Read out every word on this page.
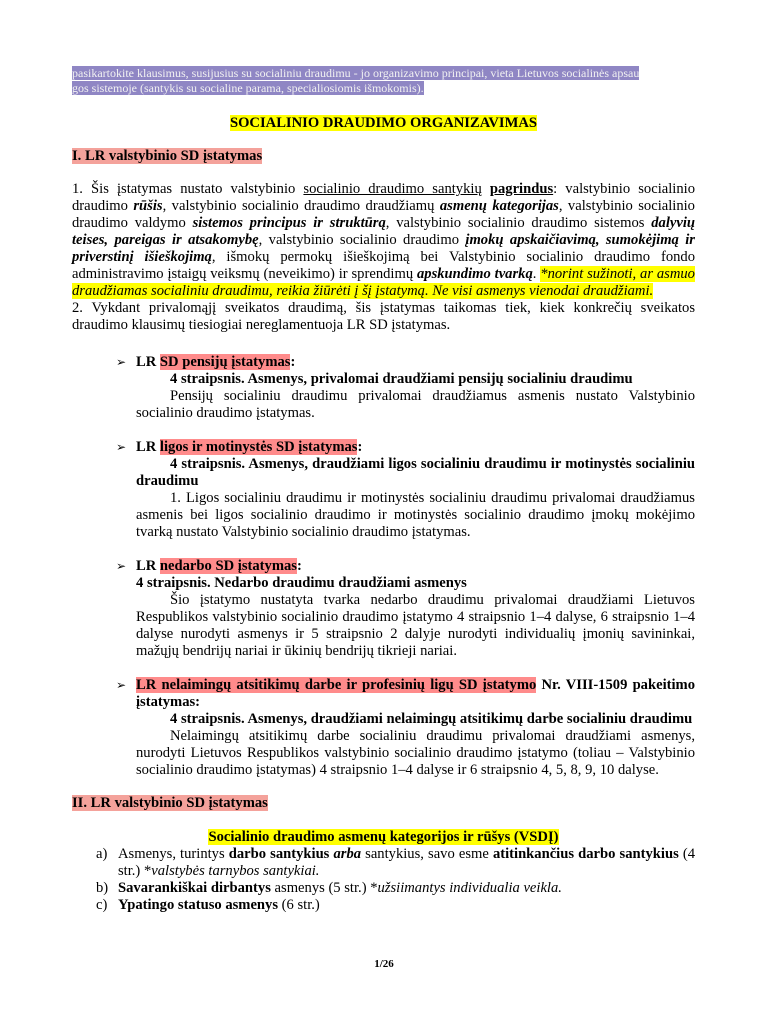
pasikartokite klausimus, susijusius su socialiniu draudimu - jo organizavimo principai, vieta Lietuvos socialinės apsau
gos sistemoje (santykis su socialine parama, specialiosiomis išmokomis).
SOCIALINIO DRAUDIMO ORGANIZAVIMAS
I. LR valstybinio SD įstatymas

1. Šis įstatymas nustato valstybinio socialinio draudimo santykių pagrindus: valstybinio socialinio draudimo rūšis, valstybinio socialinio draudimo draudžiamų asmenų kategorijas, valstybinio socialinio draudimo valdymo sistemos principus ir struktūrą, valstybinio socialinio draudimo sistemos dalyvių teises, pareigas ir atsakomybę, valstybinio socialinio draudimo įmokų apskaičiavimą, sumokėjimą ir priverstinį išieškojimą, išmokų permokų išieškojimą bei Valstybinio socialinio draudimo fondo administravimo įstaigų veiksmų (neveikimo) ir sprendimų apskundimo tvarką. *norint sužinoti, ar asmuo draudžiamas socialiniu draudimu, reikia žiūrėti į šį įstatymą. Ne visi asmenys vienodai draudžiami.

2. Vykdant privalomąjį sveikatos draudimą, šis įstatymas taikomas tiek, kiek konkrečių sveikatos draudimo klausimų tiesiogiai nereglamentuoja LR SD įstatymas.

➢ LR SD pensijų įstatymas:
4 straipsnis. Asmenys, privalomai draudžiami pensijų socialiniu draudimu
Pensijų socialiniu draudimu privalomai draudžiamus asmenis nustato Valstybinio socialinio draudimo įstatymas.
➢ LR ligos ir motinystės SD įstatymas:
4 straipsnis. Asmenys, draudžiami ligos socialiniu draudimu ir motinystės socialiniu draudimu
1. Ligos socialiniu draudimu ir motinystės socialiniu draudimu privalomai draudžiamus asmenis bei ligos socialinio draudimo ir motinystės socialinio draudimo įmokų mokėjimo tvarką nustato Valstybinio socialinio draudimo įstatymas.
➢ LR nedarbo SD įstatymas:
4 straipsnis. Nedarbo draudimu draudžiami asmenys
Šio įstatymo nustatyta tvarka nedarbo draudimu privalomai draudžiami Lietuvos Respublikos valstybinio socialinio draudimo įstatymo 4 straipsnio 1–4 dalyse, 6 straipsnio 1–4 dalyse nurodyti asmenys ir 5 straipsnio 2 dalyje nurodyti individualių įmonių savininkai, mažųjų bendrijų nariai ir ūkinių bendrijų tikrieji nariai.
➢ LR nelaimingų atsitikimų darbe ir profesinių ligų SD įstatymo Nr. VIII-1509 pakeitimo įstatymas:
4 straipsnis. Asmenys, draudžiami nelaimingų atsitikimų darbe socialiniu draudimu
Nelaimingų atsitikimų darbe socialiniu draudimu privalomai draudžiami asmenys, nurodyti Lietuvos Respublikos valstybinio socialinio draudimo įstatymo (toliau – Valstybinio socialinio draudimo įstatymas) 4 straipsnio 1–4 dalyse ir 6 straipsnio 4, 5, 8, 9, 10 dalyse.
II. LR valstybinio SD įstatymas
Socialinio draudimo asmenų kategorijos ir rūšys (VSDĮ)
a) Asmenys, turintys darbo santykius arba santykius, savo esme atitinkančius darbo santykius (4 str.) *valstybės tarnybos santykiai.
b) Savarankiškai dirbantys asmenys (5 str.) *užsiimantys individualia veikla.
c) Ypatingo statuso asmenys (6 str.)
1/26
